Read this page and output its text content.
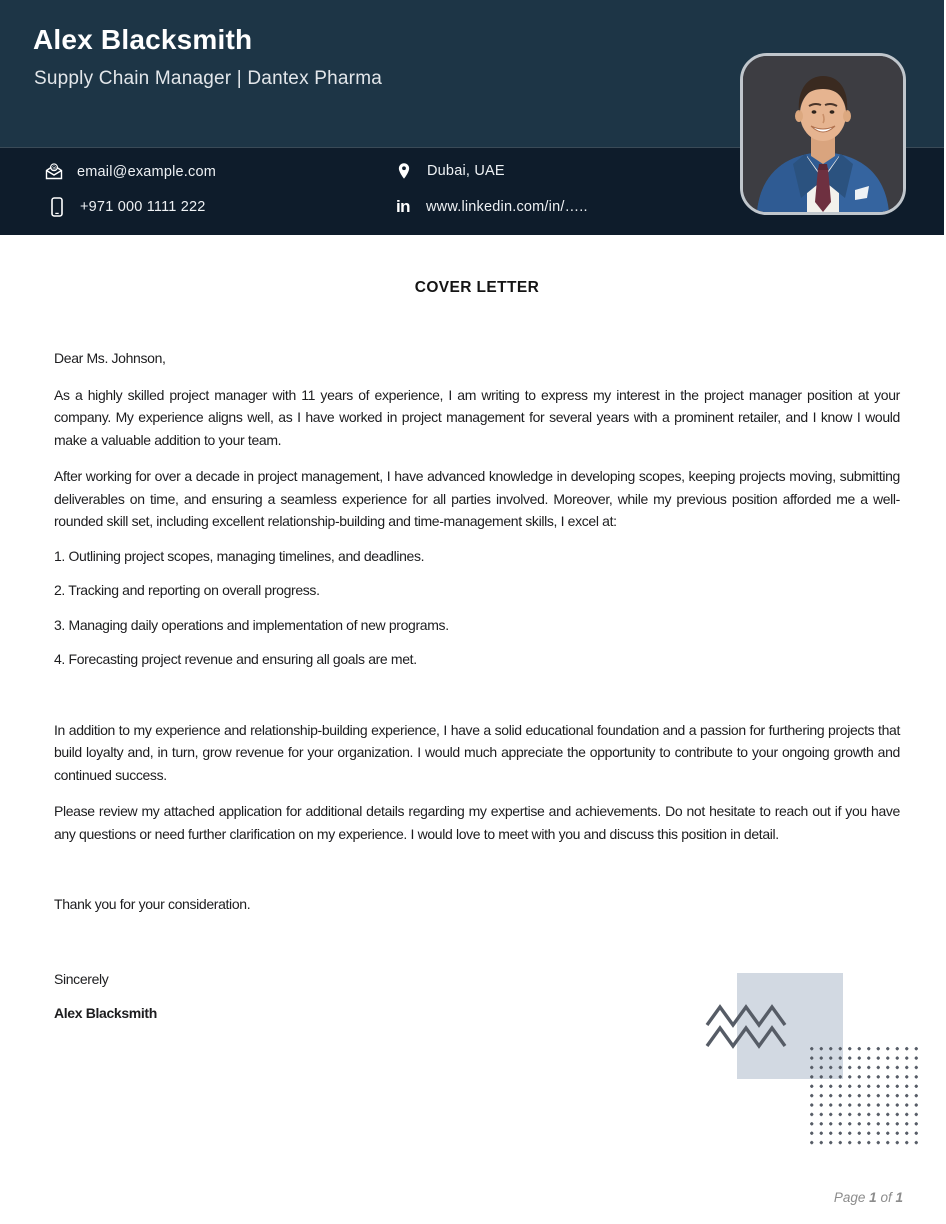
Alex Blacksmith
Supply Chain Manager | Dantex Pharma
@ email@example.com
+971 000 1111 222
Dubai, UAE
in www.linkedin.com/in/…..
COVER LETTER

Dear Ms. Johnson,

As a highly skilled project manager with 11 years of experience, I am writing to express my interest in the project manager position at your company. My experience aligns well, as I have worked in project management for several years with a prominent retailer, and I know I would make a valuable addition to your team.

After working for over a decade in project management, I have advanced knowledge in developing scopes, keeping projects moving, submitting deliverables on time, and ensuring a seamless experience for all parties involved. Moreover, while my previous position afforded me a well-rounded skill set, including excellent relationship-building and time-management skills, I excel at:

1. Outlining project scopes, managing timelines, and deadlines.

2. Tracking and reporting on overall progress.

3. Managing daily operations and implementation of new programs.

4. Forecasting project revenue and ensuring all goals are met.

In addition to my experience and relationship-building experience, I have a solid educational foundation and a passion for furthering projects that build loyalty and, in turn, grow revenue for your organization. I would much appreciate the opportunity to contribute to your ongoing growth and continued success.

Please review my attached application for additional details regarding my expertise and achievements. Do not hesitate to reach out if you have any questions or need further clarification on my experience. I would love to meet with you and discuss this position in detail.

Thank you for your consideration.

Sincerely

Alex Blacksmith

Page 1 of 1
